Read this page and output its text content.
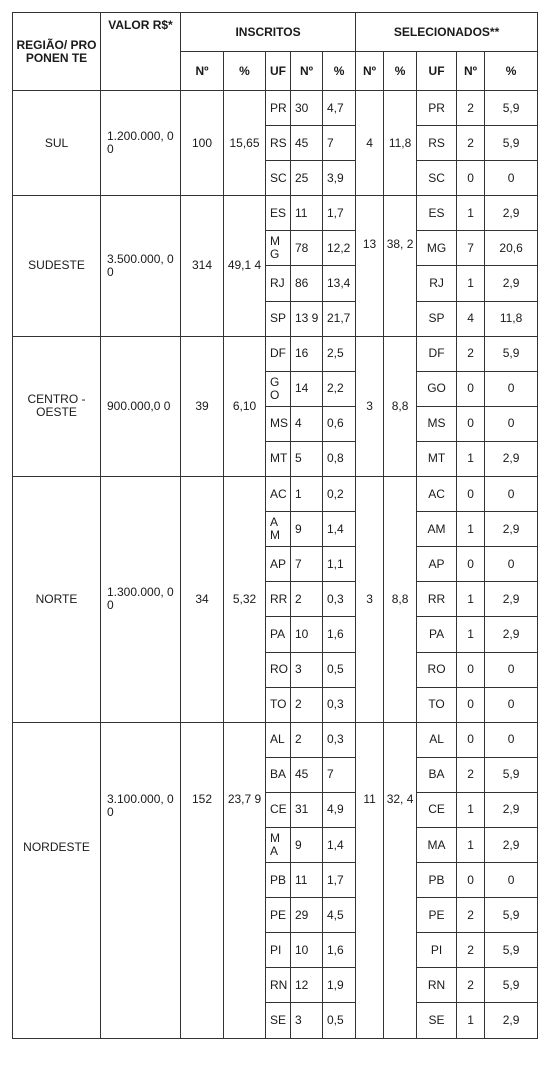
REGIÃO/ PROPONEN TE	VALOR R$*	INSCRITOS					SELECIONADOS**				
		Nº	%	UF	Nº	%	Nº	%	UF	Nº	%
SUL	1.200.000, 00	100	15,65	PR	30	4,7	4	11,8	PR	2	5,9
				RS	45	7			RS	2	5,9
				SC	25	3,9			SC	0	0
SUDESTE	3.500.000, 00	314	49,1 4	ES	11	1,7	13	38, 2	ES	1	2,9
				M G	78	12,2			MG	7	20,6
				RJ	86	13,4			RJ	1	2,9
				SP	13 9	21,7			SP	4	11,8
CENTRO -OESTE	900.000,0 0	39	6,10	DF	16	2,5	3	8,8	DF	2	5,9
				GO	14	2,2			GO	0	0
				MS	4	0,6			MS	0	0
				MT	5	0,8			MT	1	2,9
NORTE	1.300.000, 00	34	5,32	AC	1	0,2	3	8,8	AC	0	0
				A M	9	1,4			AM	1	2,9
				AP	7	1,1			AP	0	0
				RR	2	0,3			RR	1	2,9
				PA	10	1,6			PA	1	2,9
				RO	3	0,5			RO	0	0
				TO	2	0,3			TO	0	0
NORDESTE	3.100.000, 00	152	23,7 9	AL	2	0,3	11	32, 4	AL	0	0
				BA	45	7			BA	2	5,9
				CE	31	4,9			CE	1	2,9
				M A	9	1,4			MA	1	2,9
				PB	11	1,7			PB	0	0
				PE	29	4,5			PE	2	5,9
				PI	10	1,6			PI	2	5,9
				RN	12	1,9			RN	2	5,9
				SE	3	0,5			SE	1	2,9
